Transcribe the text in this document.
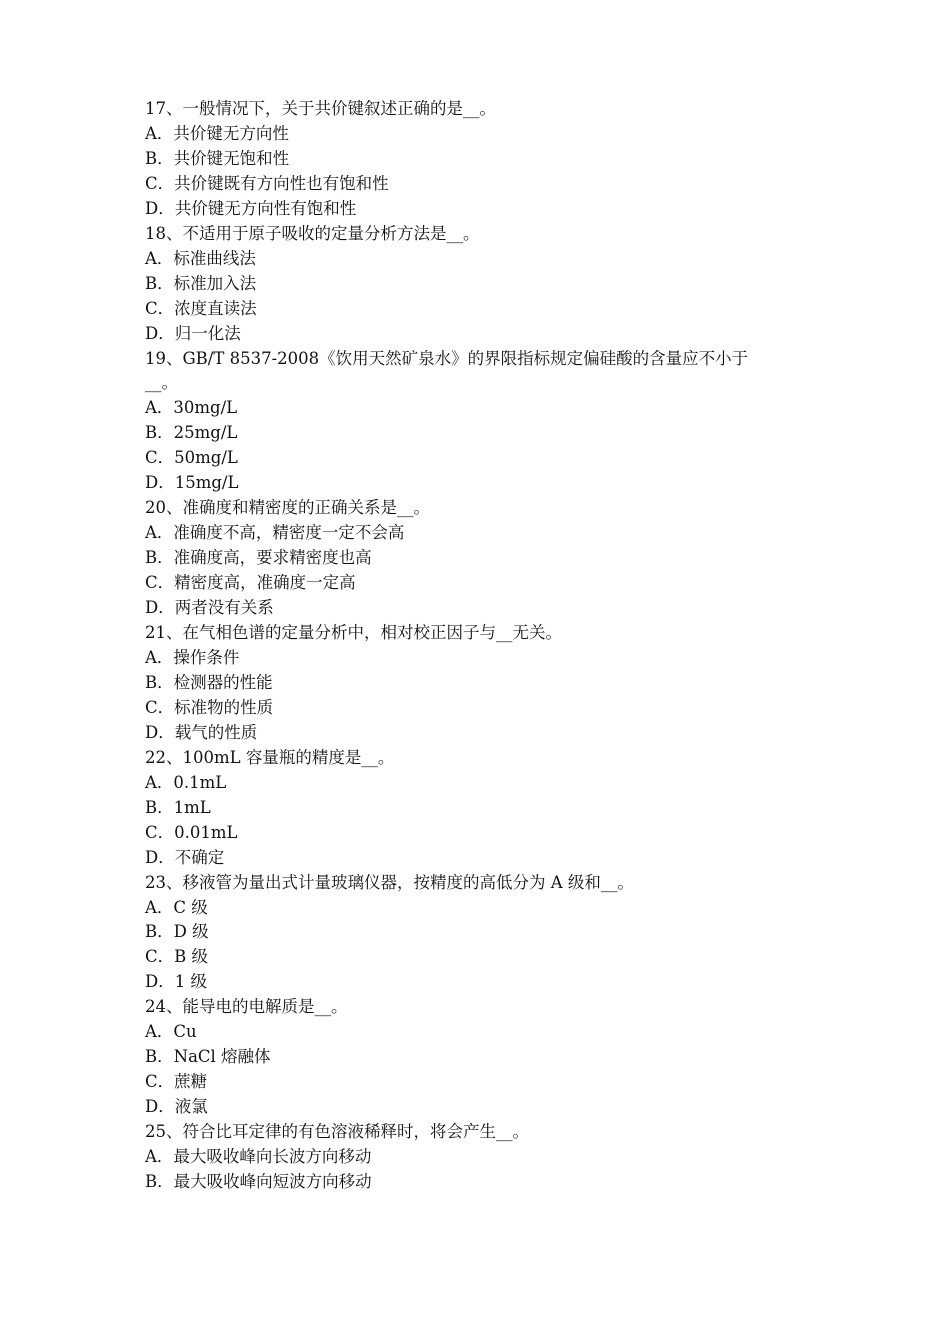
17、一般情况下，关于共价键叙述正确的是__。
A．共价键无方向性
B．共价键无饱和性
C．共价键既有方向性也有饱和性
D．共价键无方向性有饱和性
18、不适用于原子吸收的定量分析方法是__。
A．标准曲线法
B．标准加入法
C．浓度直读法
D．归一化法
19、GB/T 8537-2008《饮用天然矿泉水》的界限指标规定偏硅酸的含量应不小于
__。
A．30mg/L
B．25mg/L
C．50mg/L
D．15mg/L
20、准确度和精密度的正确关系是__。
A．准确度不高，精密度一定不会高
B．准确度高，要求精密度也高
C．精密度高，准确度一定高
D．两者没有关系
21、在气相色谱的定量分析中，相对校正因子与__无关。
A．操作条件
B．检测器的性能
C．标准物的性质
D．载气的性质
22、100mL 容量瓶的精度是__。
A．0.1mL
B．1mL
C．0.01mL
D．不确定
23、移液管为量出式计量玻璃仪器，按精度的高低分为 A 级和__。
A．C 级
B．D 级
C．B 级
D．1 级
24、能导电的电解质是__。
A．Cu
B．NaCl 熔融体
C．蔗糖
D．液氯
25、符合比耳定律的有色溶液稀释时，将会产生__。
A．最大吸收峰向长波方向移动
B．最大吸收峰向短波方向移动
